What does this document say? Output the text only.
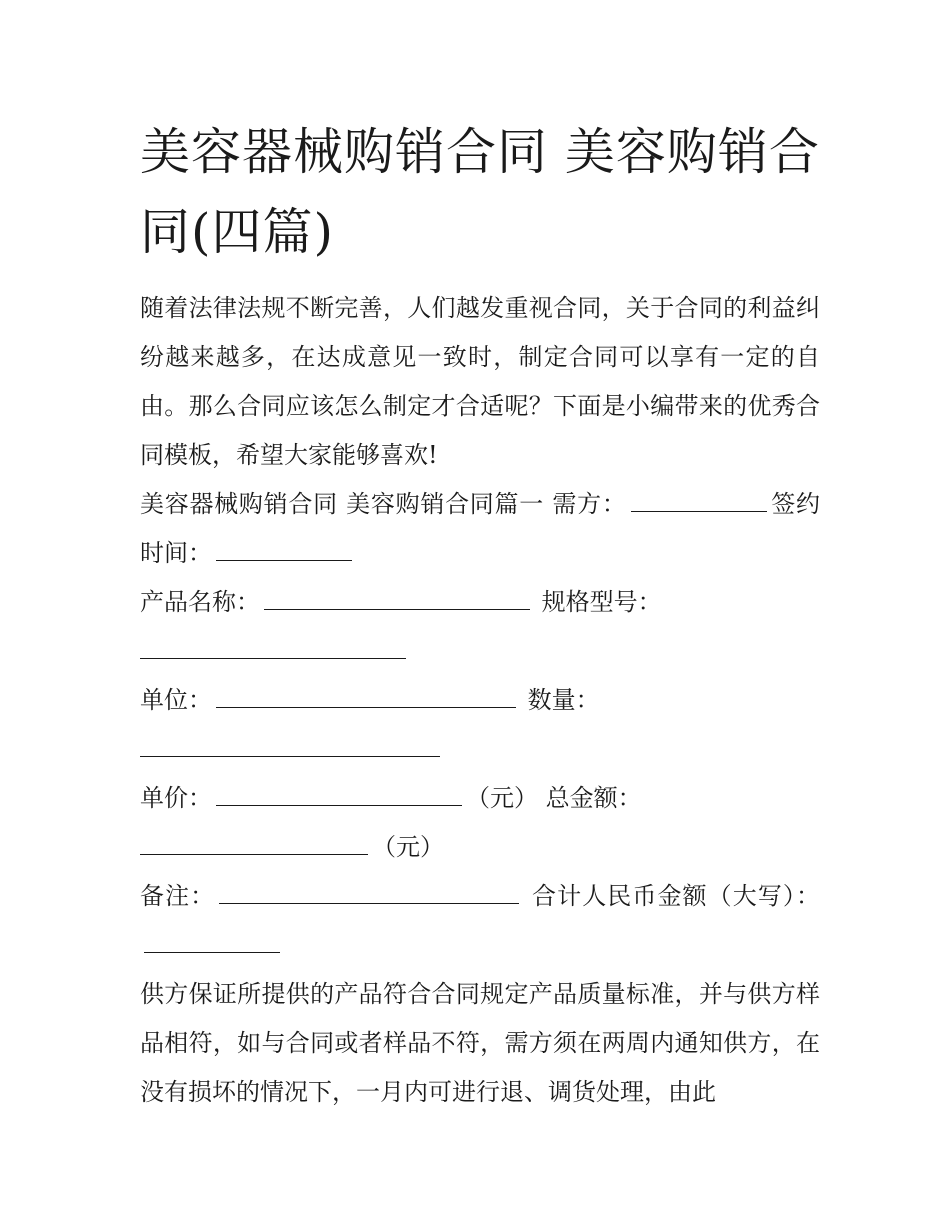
美容器械购销合同 美容购销合同(四篇)

随着法律法规不断完善，人们越发重视合同，关于合同的利益纠纷越来越多，在达成意见一致时，制定合同可以享有一定的自由。那么合同应该怎么制定才合适呢？下面是小编带来的优秀合同模板，希望大家能够喜欢!

美容器械购销合同 美容购销合同篇一 需方：	签约时间：

产品名称：	规格型号：

单位：	数量：

单价：	（元） 总金额：
（元）

备注：	合计人民币金额（大写）：

供方保证所提供的产品符合合同规定产品质量标准，并与供方样品相符，如与合同或者样品不符，需方须在两周内通知供方，在没有损坏的情况下，一月内可进行退、调货处理，由此
